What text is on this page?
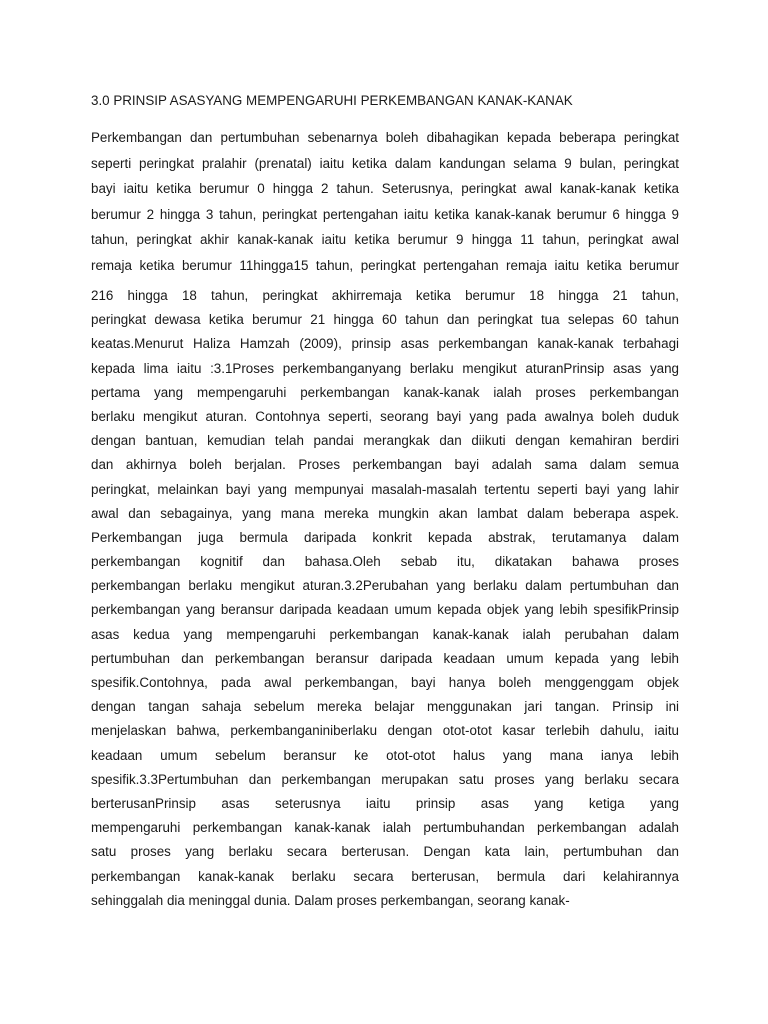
3.0 PRINSIP ASASYANG MEMPENGARUHI PERKEMBANGAN KANAK-KANAK
Perkembangan dan pertumbuhan sebenarnya boleh dibahagikan kepada beberapa peringkat
seperti peringkat pralahir (prenatal) iaitu ketika dalam kandungan selama 9 bulan, peringkat
bayi iaitu ketika berumur 0 hingga 2 tahun. Seterusnya, peringkat awal kanak-kanak ketika
berumur 2 hingga 3 tahun, peringkat pertengahan iaitu ketika kanak-kanak berumur 6 hingga 9
tahun, peringkat akhir kanak-kanak iaitu ketika berumur 9 hingga 11 tahun, peringkat awal
remaja ketika berumur 11hingga15 tahun, peringkat pertengahan remaja iaitu ketika berumur
216 hingga 18 tahun, peringkat akhirremaja ketika berumur 18 hingga 21 tahun,
peringkat dewasa ketika berumur 21 hingga 60 tahun dan peringkat tua selepas 60 tahun
keatas.Menurut Haliza Hamzah (2009), prinsip asas perkembangan kanak-kanak terbahagi
kepada lima iaitu :3.1Proses perkembanganyang berlaku mengikut aturanPrinsip asas yang
pertama yang mempengaruhi perkembangan kanak-kanak ialah proses perkembangan
berlaku mengikut aturan. Contohnya seperti, seorang bayi yang pada awalnya boleh duduk
dengan bantuan, kemudian telah pandai merangkak dan diikuti dengan kemahiran berdiri
dan akhirnya boleh berjalan. Proses perkembangan bayi adalah sama dalam semua
peringkat, melainkan bayi yang mempunyai masalah-masalah tertentu seperti bayi yang lahir
awal dan sebagainya, yang mana mereka mungkin akan lambat dalam beberapa aspek.
Perkembangan juga bermula daripada konkrit kepada abstrak, terutamanya dalam
perkembangan kognitif dan bahasa.Oleh sebab itu, dikatakan bahawa proses
perkembangan berlaku mengikut aturan.3.2Perubahan yang berlaku dalam pertumbuhan dan
perkembangan yang beransur daripada keadaan umum kepada objek yang lebih spesifikPrinsip
asas kedua yang mempengaruhi perkembangan kanak-kanak ialah perubahan dalam
pertumbuhan dan perkembangan beransur daripada keadaan umum kepada yang lebih
spesifik.Contohnya, pada awal perkembangan, bayi hanya boleh menggenggam objek
dengan tangan sahaja sebelum mereka belajar menggunakan jari tangan. Prinsip ini
menjelaskan bahwa, perkembanganiniberlaku dengan otot-otot kasar terlebih dahulu, iaitu
keadaan umum sebelum beransur ke otot-otot halus yang mana ianya lebih
spesifik.3.3Pertumbuhan dan perkembangan merupakan satu proses yang berlaku secara
berterusanPrinsip asas seterusnya iaitu prinsip asas yang ketiga yang
mempengaruhi perkembangan kanak-kanak ialah pertumbuhandan perkembangan adalah
satu proses yang berlaku secara berterusan. Dengan kata lain, pertumbuhan dan
perkembangan kanak-kanak berlaku secara berterusan, bermula dari kelahirannya
sehinggalah dia meninggal dunia. Dalam proses perkembangan, seorang kanak-
